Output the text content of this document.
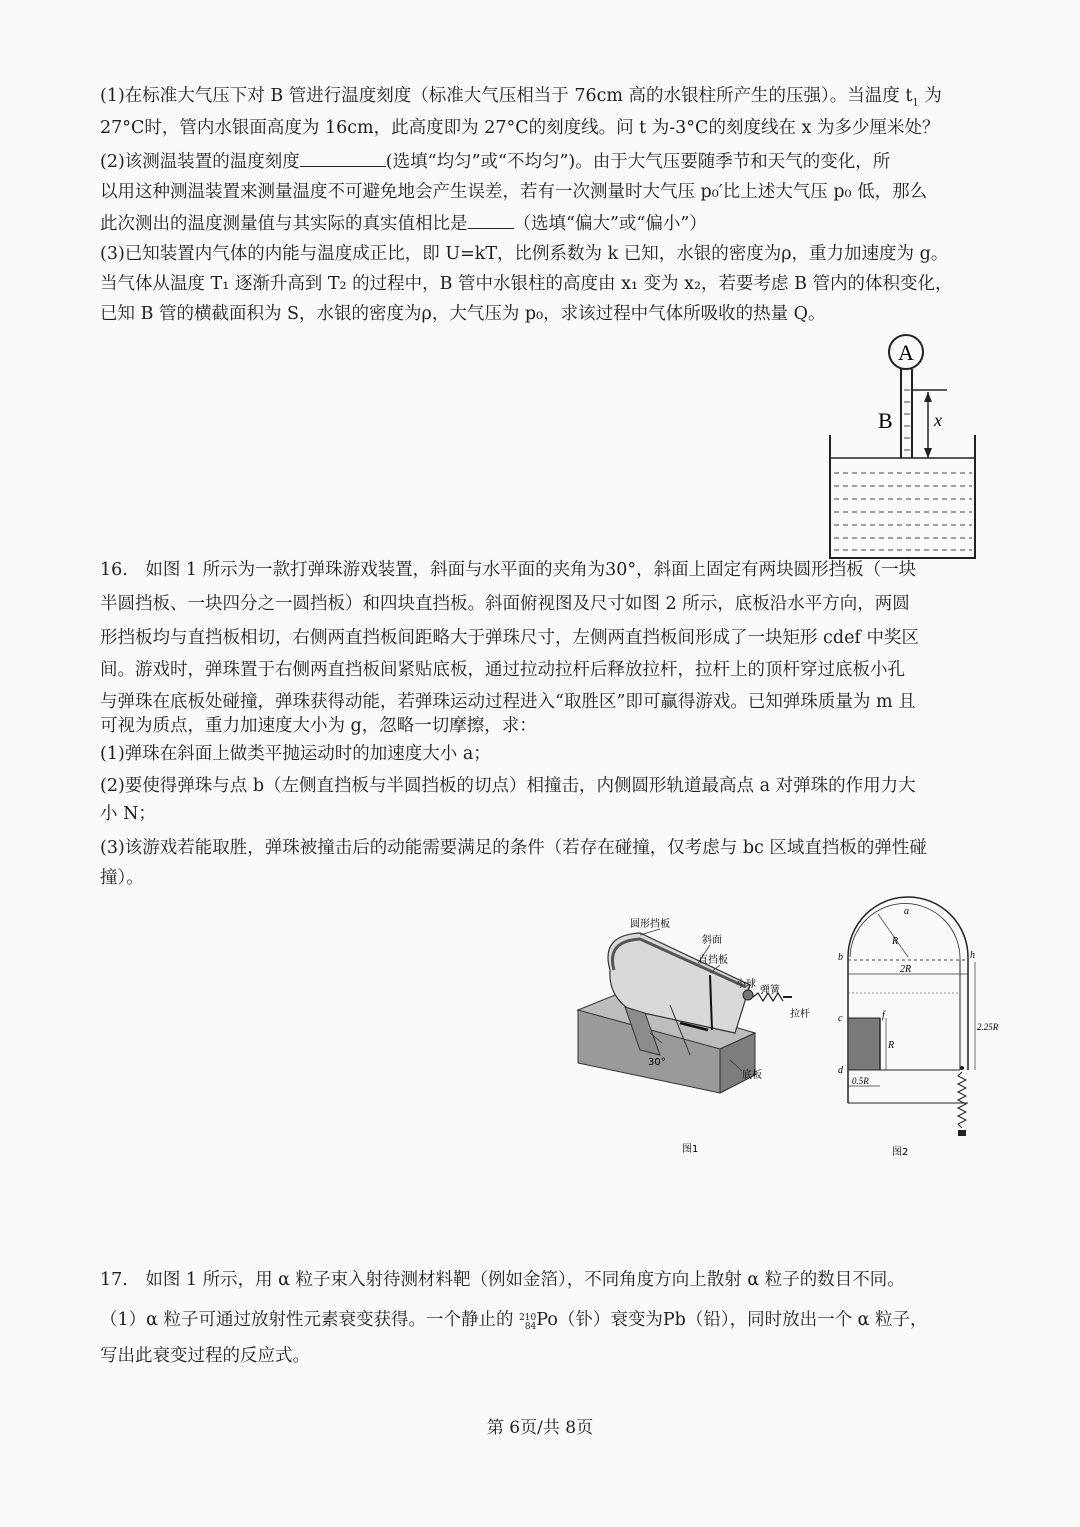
(1)在标准大气压下对 B 管进行温度刻度（标准大气压相当于 76cm 高的水银柱所产生的压强）。当温度 $t_1$ 为
27°C时，管内水银面高度为 16cm，此高度即为 27°C的刻度线。问 t 为-3°C的刻度线在 x 为多少厘米处？
(2)该测温装置的温度刻度	(选填“均匀”或“不均匀”)。由于大气压要随季节和天气的变化，所
以用这种测温装置来测量温度不可避免地会产生误差，若有一次测量时大气压 p₀′比上述大气压 p₀ 低，那么
此次测出的温度测量值与其实际的真实值相比是	（选填“偏大”或“偏小”）
(3)已知装置内气体的内能与温度成正比，即 U=kT，比例系数为 k 已知，水银的密度为ρ，重力加速度为 g。
当气体从温度 T₁ 逐渐升高到 T₂ 的过程中，B 管中水银柱的高度由 x₁ 变为 x₂，若要考虑 B 管内的体积变化，
已知 B 管的横截面积为 S，水银的密度为ρ，大气压为 p₀，求该过程中气体所吸收的热量 Q。
A
B x
16.　如图 1 所示为一款打弹珠游戏装置，斜面与水平面的夹角为30°，斜面上固定有两块圆形挡板（一块
半圆挡板、一块四分之一圆挡板）和四块直挡板。斜面俯视图及尺寸如图 2 所示，底板沿水平方向，两圆
形挡板均与直挡板相切，右侧两直挡板间距略大于弹珠尺寸，左侧两直挡板间形成了一块矩形 cdef 中奖区
间。游戏时，弹珠置于右侧两直挡板间紧贴底板，通过拉动拉杆后释放拉杆，拉杆上的顶杆穿过底板小孔
与弹珠在底板处碰撞，弹珠获得动能，若弹珠运动过程进入“取胜区”即可赢得游戏。已知弹珠质量为 m 且
可视为质点，重力加速度大小为 g，忽略一切摩擦，求：
(1)弹珠在斜面上做类平抛运动时的加速度大小 a；
(2)要使得弹珠与点 b（左侧直挡板与半圆挡板的切点）相撞击，内侧圆形轨道最高点 a 对弹珠的作用力大
小 N；
(3)该游戏若能取胜，弹珠被撞击后的动能需要满足的条件（若存在碰撞，仅考虑与 bc 区域直挡板的弹性碰
撞）。
圆形挡板
斜面
直挡板
小球
弹簧
拉杆
30°
底板
图1
a
b
c
d
f
h
R
2R
R
0.5R
2.25R
图2
17.　如图 1 所示，用 α 粒子束入射待测材料靶（例如金箔），不同角度方向上散射 α 粒子的数目不同。
（1）α 粒子可通过放射性元素衰变获得。一个静止的 210
84Po（钋）衰变为Pb（铅），同时放出一个 α 粒子，
写出此衰变过程的反应式。
第 6页/共 8页
